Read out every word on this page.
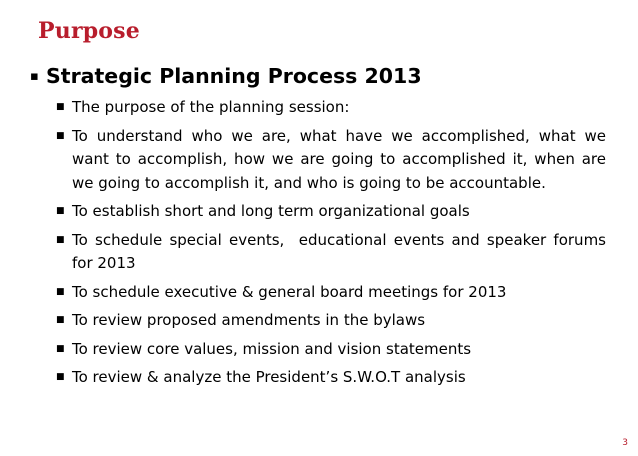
Purpose
▪ Strategic Planning Process 2013
■ The purpose of the planning session:
■ To understand who we are, what have we accomplished, what we want to accomplish, how we are going to accomplished it, when are we going to accomplish it, and who is going to be accountable.
■ To establish short and long term organizational goals
■ To schedule special events,  educational events and speaker forums for 2013
■ To schedule executive & general board meetings for 2013
■ To review proposed amendments in the bylaws
■ To review core values, mission and vision statements
■ To review & analyze the President’s S.W.O.T analysis
3
